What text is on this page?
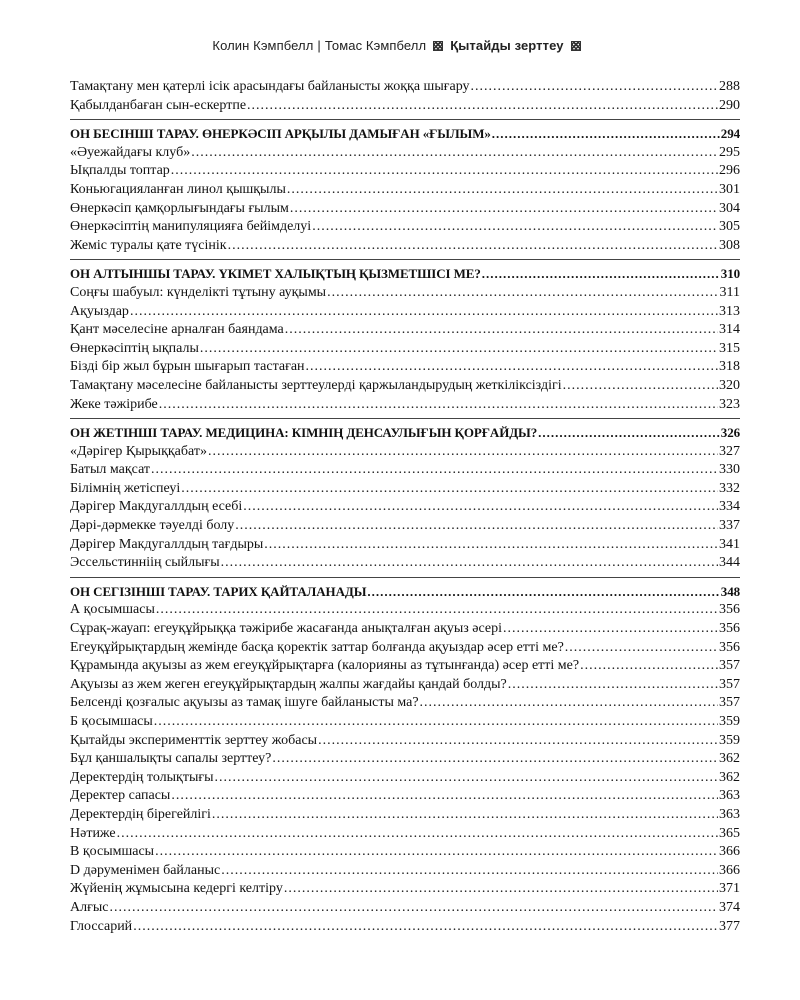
Колин Кэмпбелл | Томас Кэмпбелл Қытайды зерттеу
Тамақтану мен қатерлі ісік арасындағы байланысты жоққа шығару .....	288
Қабылданбаған сын-ескертпе .....	290
ОН БЕСІНШІ ТАРАУ. ӨНЕРКӘСІП АРҚЫЛЫ ДАМЫҒАН «ҒЫЛЫМ» .....	294
«Әуежайдағы клуб» .....	295
Ықпалды топтар .....	296
Коньюгацияланған линол қышқылы .....	301
Өнеркәсіп қамқорлығындағы ғылым .....	304
Өнеркәсіптің манипуляцияға бейімделуі .....	305
Жеміс туралы қате түсінік .....	308
ОН АЛТЫНШЫ ТАРАУ. ҮКІМЕТ ХАЛЫҚТЫҢ ҚЫЗМЕТШІСІ МЕ? .....	310
Соңғы шабуыл: күнделікті тұтыну ауқымы .....	311
Ақуыздар .....	313
Қант мәселесіне арналған баяндама .....	314
Өнеркәсіптің ықпалы .....	315
Бізді бір жыл бұрын шығарып тастаған .....	318
Тамақтану мәселесіне байланысты зерттеулерді қаржыландырудың жеткіліксіздігі .....	320
Жеке тәжірибе .....	323
ОН ЖЕТІНШІ ТАРАУ. МЕДИЦИНА: КІМНІҢ ДЕНСАУЛЫҒЫН ҚОРҒАЙДЫ? .....	326
«Дәрігер Қырыққабат» .....	327
Батыл мақсат .....	330
Білімнің жетіспеуі .....	332
Дәрігер Макдугаллдың есебі .....	334
Дәрі-дәрмекке тәуелді болу .....	337
Дәрігер Макдугаллдың тағдыры .....	341
Эссельстинніің сыйлығы .....	344
ОН СЕГІЗІНШІ ТАРАУ. ТАРИХ ҚАЙТАЛАНАДЫ .....	348
А қосымшасы .....	356
Сұрақ-жауап: егеуқұйрыққа тәжірибе жасағанда анықталған ақуыз әсері .....	356
Егеуқұйрықтардың жемінде басқа қоректік заттар болғанда ақуыздар әсер етті ме? .....	356
Құрамында ақуызы аз жем егеуқұйрықтарға (калорияны аз тұтынғанда) әсер етті ме? .....	357
Ақуызы аз жем жеген егеуқұйрықтардың жалпы жағдайы қандай болды? .....	357
Белсенді қозғалыс ақуызы аз тамақ ішуге байланысты ма? .....	357
Б қосымшасы .....	359
Қытайды эксперименттік зерттеу жобасы .....	359
Бұл қаншалықты сапалы зерттеу? .....	362
Деректердің толықтығы .....	362
Деректер сапасы .....	363
Деректердің бірегейлігі .....	363
Нәтиже .....	365
В қосымшасы .....	366
D дәруменімен байланыс .....	366
Жүйенің жұмысына кедергі келтіру .....	371
Алғыс .....	374
Глоссарий .....	377
